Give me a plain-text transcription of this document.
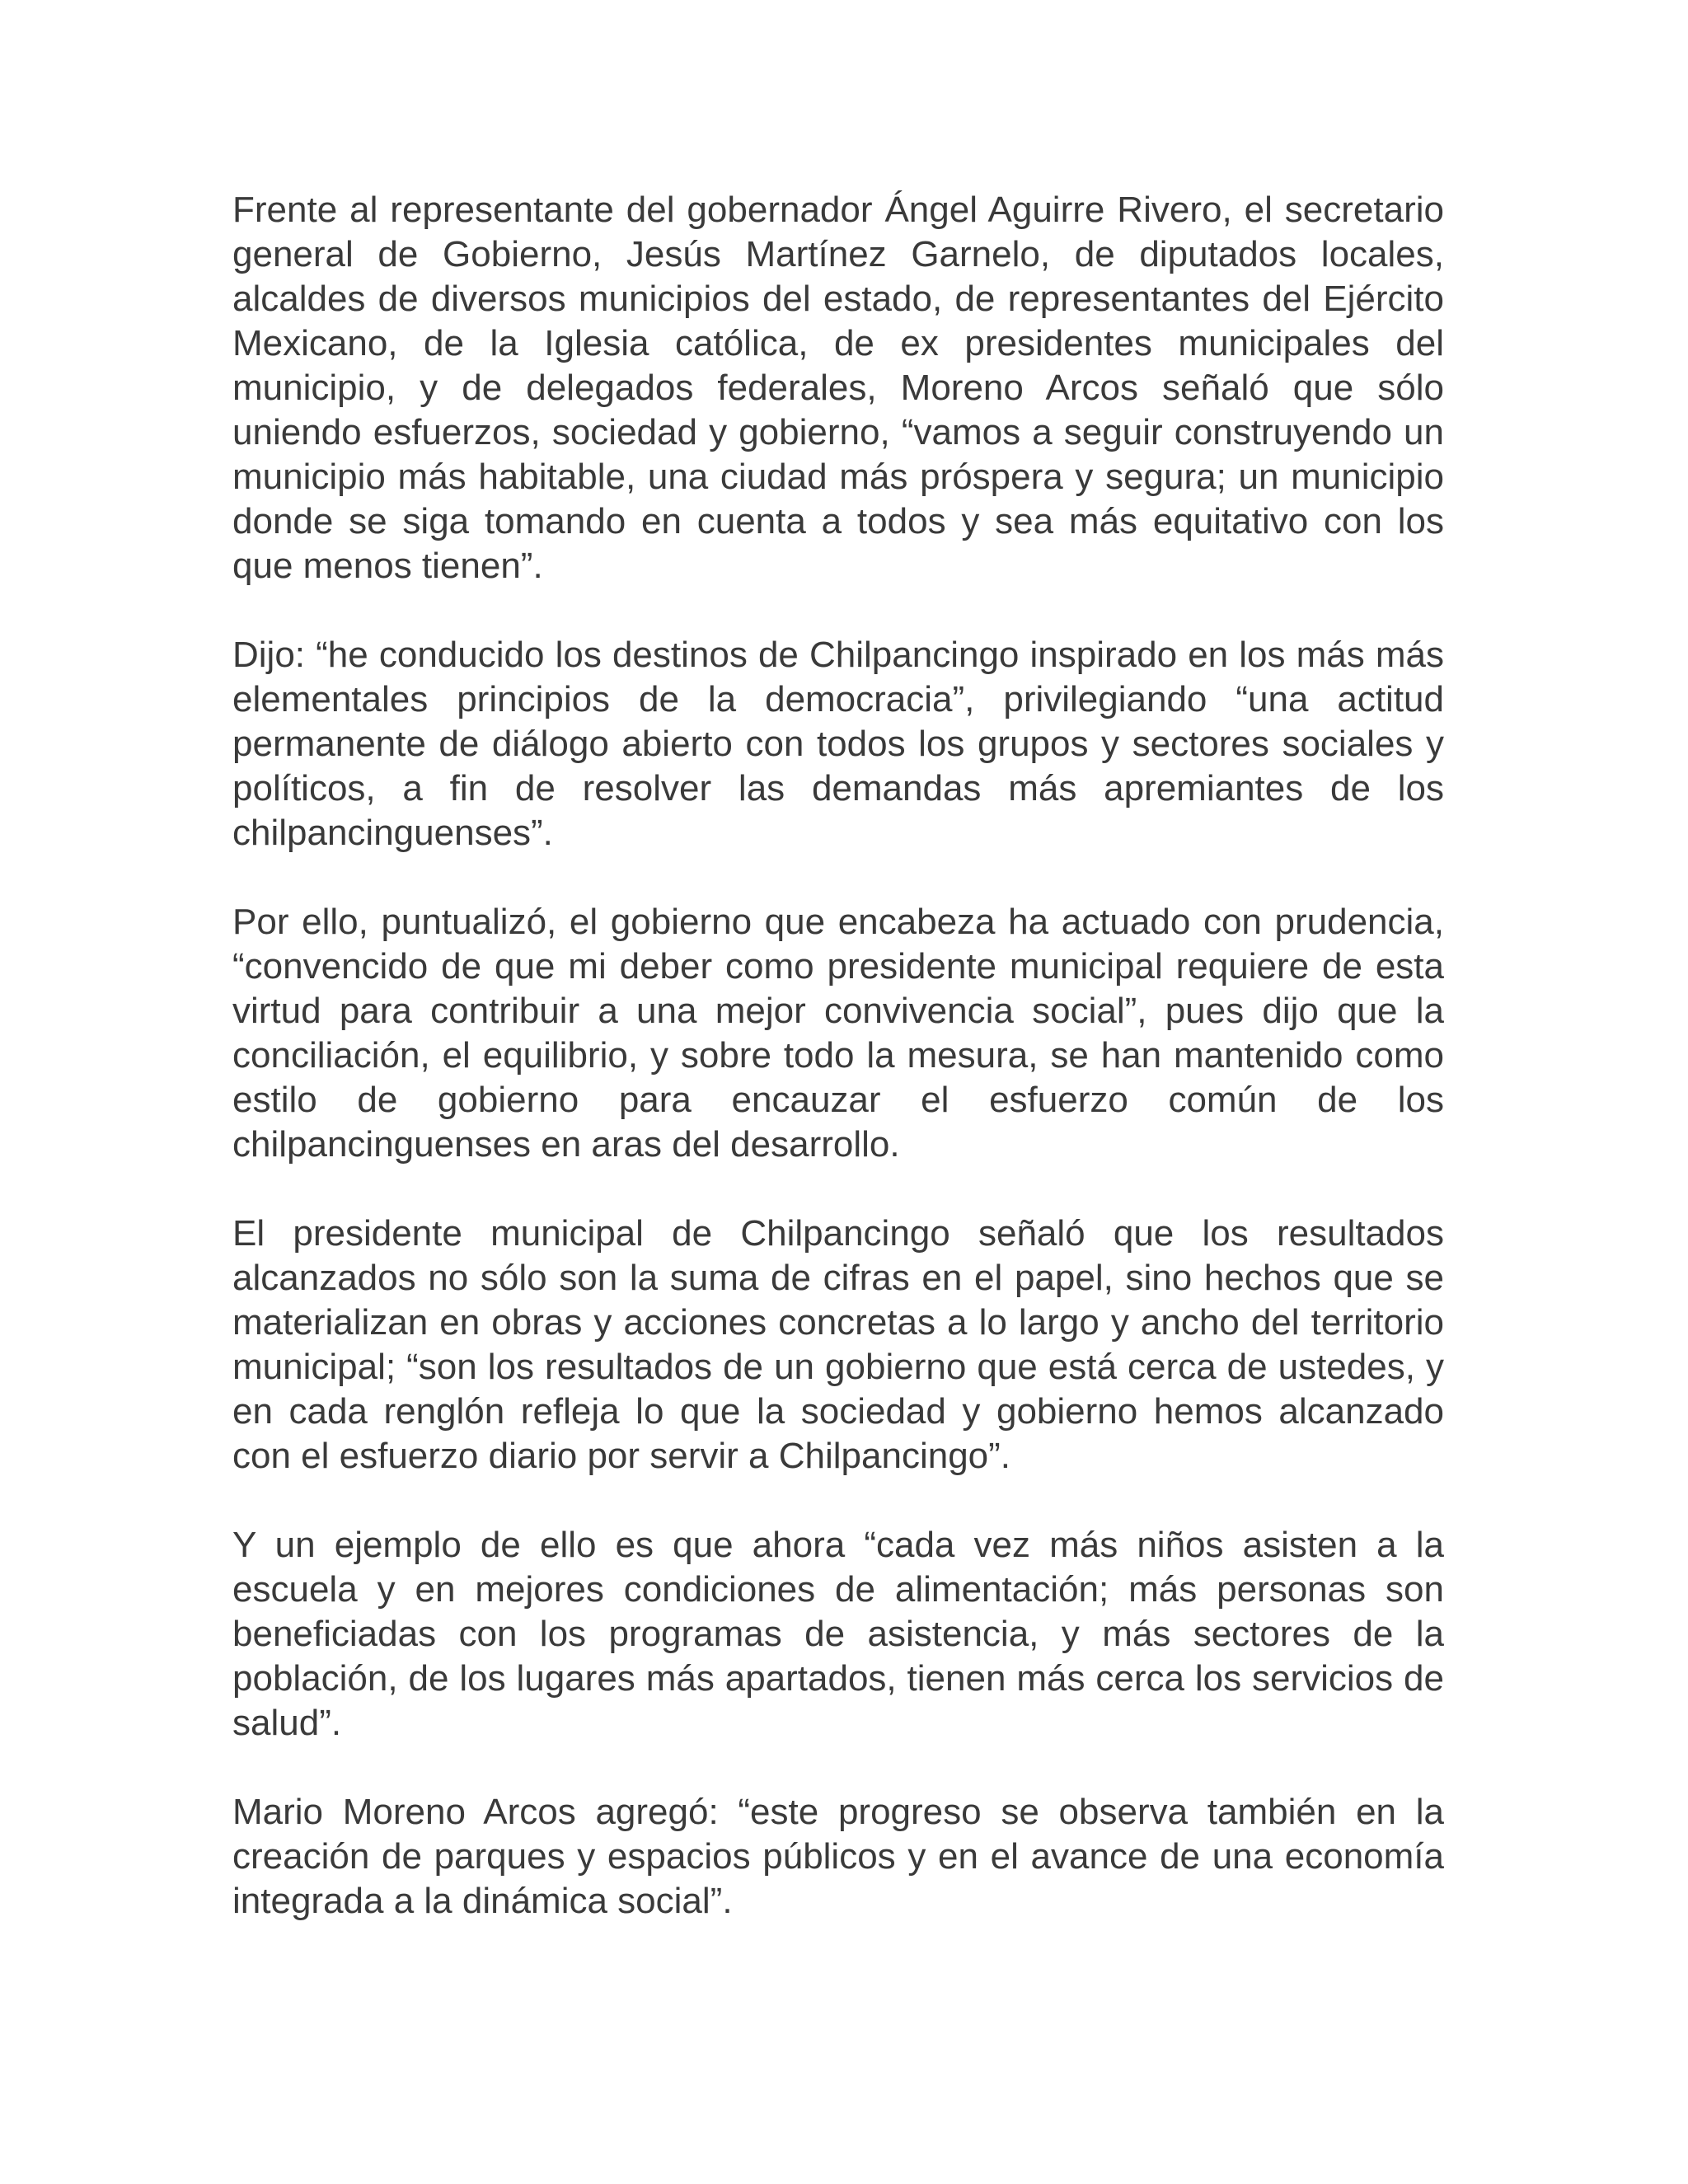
Frente al representante del gobernador Ángel Aguirre Rivero, el secretario general de Gobierno, Jesús Martínez Garnelo, de diputados locales, alcaldes de diversos municipios del estado, de representantes del Ejército Mexicano, de la Iglesia católica, de ex presidentes municipales del municipio, y de delegados federales, Moreno Arcos señaló que sólo uniendo esfuerzos, sociedad y gobierno, “vamos a seguir construyendo un municipio más habitable, una ciudad más próspera y segura; un municipio donde se siga tomando en cuenta a todos y sea más equitativo con los que menos tienen”.

Dijo: “he conducido los destinos de Chilpancingo inspirado en los más más elementales principios de la democracia”, privilegiando “una actitud permanente de diálogo abierto con todos los grupos y sectores sociales y políticos, a fin de resolver las demandas más apremiantes de los chilpancinguenses”.

Por ello, puntualizó, el gobierno que encabeza ha actuado con prudencia, “convencido de que mi deber como presidente municipal requiere de esta virtud para contribuir a una mejor convivencia social”, pues dijo que la conciliación, el equilibrio, y sobre todo la mesura, se han mantenido como estilo de gobierno para encauzar el esfuerzo común de los chilpancinguenses en aras del desarrollo.

El presidente municipal de Chilpancingo señaló que los resultados alcanzados no sólo son la suma de cifras en el papel, sino hechos que se materializan en obras y acciones concretas a lo largo y ancho del territorio municipal; “son los resultados de un gobierno que está cerca de ustedes, y en cada renglón refleja lo que la sociedad y gobierno hemos alcanzado con el esfuerzo diario por servir a Chilpancingo”.

Y un ejemplo de ello es que ahora “cada vez más niños asisten a la escuela y en mejores condiciones de alimentación; más personas son beneficiadas con los programas de asistencia, y más sectores de la población, de los lugares más apartados, tienen más cerca los servicios de salud”.

Mario Moreno Arcos agregó: “este progreso se observa también en la creación de parques y espacios públicos y en el avance de una economía integrada a la dinámica social”.
